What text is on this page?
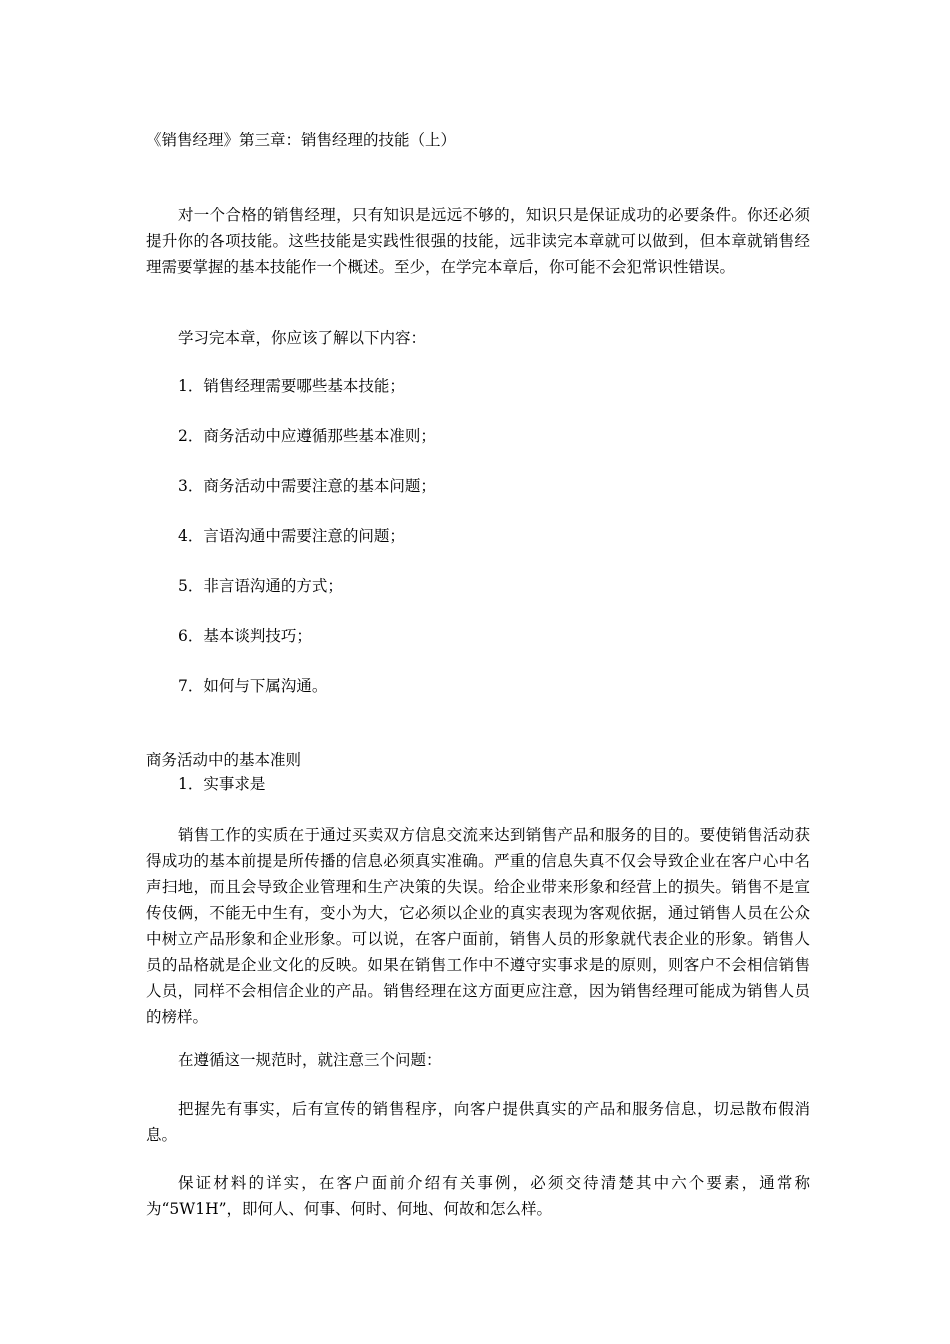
《销售经理》第三章：销售经理的技能（上）
对一个合格的销售经理，只有知识是远远不够的，知识只是保证成功的必要条件。你还必须提升你的各项技能。这些技能是实践性很强的技能，远非读完本章就可以做到，但本章就销售经理需要掌握的基本技能作一个概述。至少，在学完本章后，你可能不会犯常识性错误。
学习完本章，你应该了解以下内容：
1．销售经理需要哪些基本技能；
2．商务活动中应遵循那些基本准则；
3．商务活动中需要注意的基本问题；
4．言语沟通中需要注意的问题；
5．非言语沟通的方式；
6．基本谈判技巧；
7．如何与下属沟通。
商务活动中的基本准则
1．实事求是
销售工作的实质在于通过买卖双方信息交流来达到销售产品和服务的目的。要使销售活动获得成功的基本前提是所传播的信息必须真实准确。严重的信息失真不仅会导致企业在客户心中名声扫地，而且会导致企业管理和生产决策的失误。给企业带来形象和经营上的损失。销售不是宣传伎俩，不能无中生有，变小为大，它必须以企业的真实表现为客观依据，通过销售人员在公众中树立产品形象和企业形象。可以说，在客户面前，销售人员的形象就代表企业的形象。销售人员的品格就是企业文化的反映。如果在销售工作中不遵守实事求是的原则，则客户不会相信销售人员，同样不会相信企业的产品。销售经理在这方面更应注意，因为销售经理可能成为销售人员的榜样。
在遵循这一规范时，就注意三个问题：
把握先有事实，后有宣传的销售程序，向客户提供真实的产品和服务信息，切忌散布假消息。
保证材料的详实，在客户面前介绍有关事例，必须交待清楚其中六个要素，通常称为“5W1H”，即何人、何事、何时、何地、何故和怎么样。
